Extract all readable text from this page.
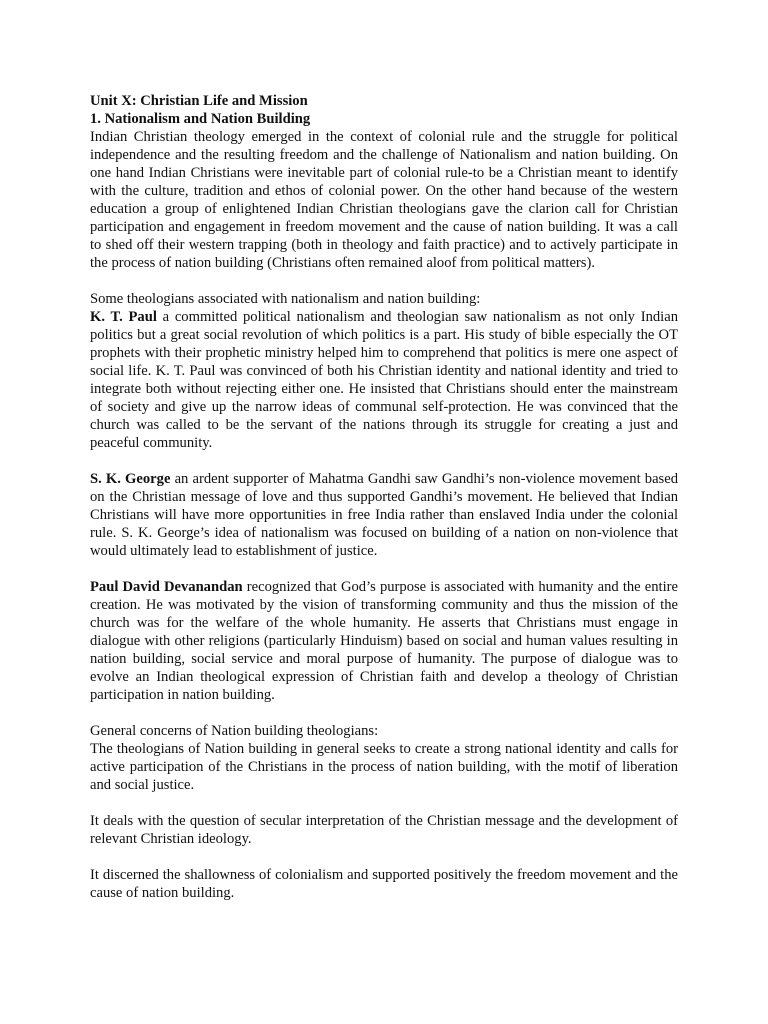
Unit X: Christian Life and Mission
1. Nationalism and Nation Building

Indian Christian theology emerged in the context of colonial rule and the struggle for political independence and the resulting freedom and the challenge of Nationalism and nation building. On one hand Indian Christians were inevitable part of colonial rule-to be a Christian meant to identify with the culture, tradition and ethos of colonial power. On the other hand because of the western education a group of enlightened Indian Christian theologians gave the clarion call for Christian participation and engagement in freedom movement and the cause of nation building. It was a call to shed off their western trapping (both in theology and faith practice) and to actively participate in the process of nation building (Christians often remained aloof from political matters).

Some theologians associated with nationalism and nation building:

K. T. Paul a committed political nationalism and theologian saw nationalism as not only Indian politics but a great social revolution of which politics is a part. His study of bible especially the OT prophets with their prophetic ministry helped him to comprehend that politics is mere one aspect of social life. K. T. Paul was convinced of both his Christian identity and national identity and tried to integrate both without rejecting either one. He insisted that Christians should enter the mainstream of society and give up the narrow ideas of communal self-protection. He was convinced that the church was called to be the servant of the nations through its struggle for creating a just and peaceful community.

S. K. George an ardent supporter of Mahatma Gandhi saw Gandhi’s non-violence movement based on the Christian message of love and thus supported Gandhi’s movement. He believed that Indian Christians will have more opportunities in free India rather than enslaved India under the colonial rule. S. K. George’s idea of nationalism was focused on building of a nation on non-violence that would ultimately lead to establishment of justice.

Paul David Devanandan recognized that God’s purpose is associated with humanity and the entire creation. He was motivated by the vision of transforming community and thus the mission of the church was for the welfare of the whole humanity. He asserts that Christians must engage in dialogue with other religions (particularly Hinduism) based on social and human values resulting in nation building, social service and moral purpose of humanity. The purpose of dialogue was to evolve an Indian theological expression of Christian faith and develop a theology of Christian participation in nation building.

General concerns of Nation building theologians:

The theologians of Nation building in general seeks to create a strong national identity and calls for active participation of the Christians in the process of nation building, with the motif of liberation and social justice.

It deals with the question of secular interpretation of the Christian message and the development of relevant Christian ideology.

It discerned the shallowness of colonialism and supported positively the freedom movement and the cause of nation building.
